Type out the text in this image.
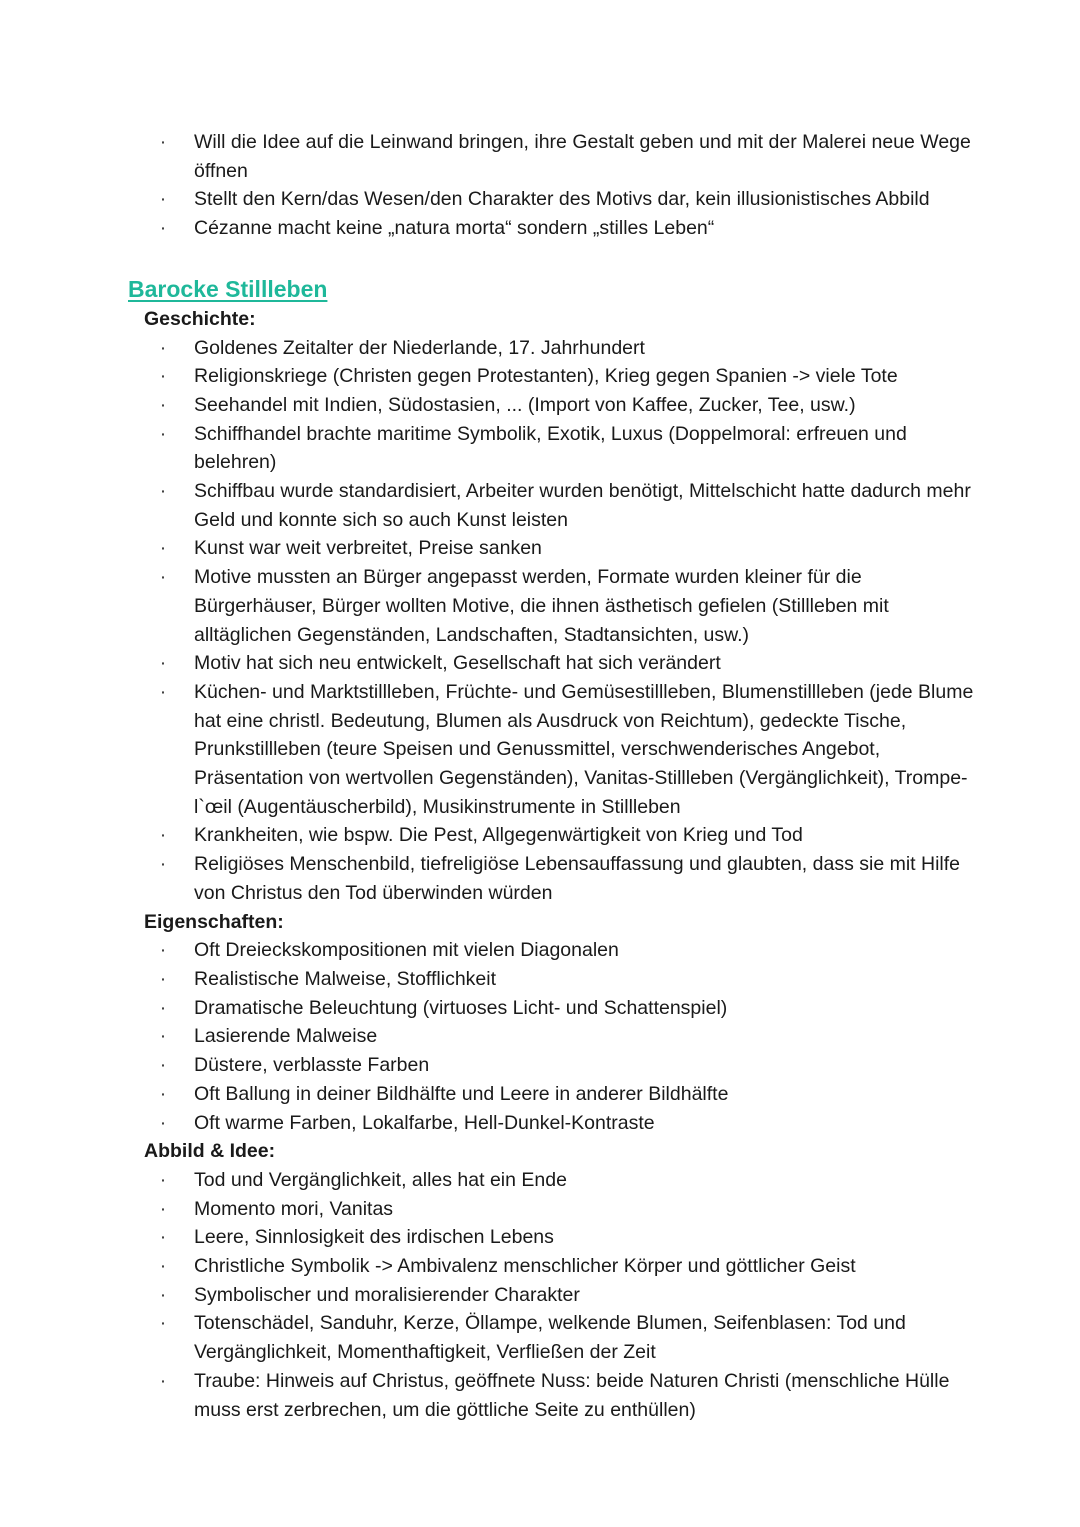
· Will die Idee auf die Leinwand bringen, ihre Gestalt geben und mit der Malerei neue Wege öffnen
· Stellt den Kern/das Wesen/den Charakter des Motivs dar, kein illusionistisches Abbild
· Cézanne macht keine „natura morta“ sondern „stilles Leben“
Barocke Stillleben
Geschichte:
· Goldenes Zeitalter der Niederlande, 17. Jahrhundert
· Religionskriege (Christen gegen Protestanten), Krieg gegen Spanien -> viele Tote
· Seehandel mit Indien, Südostasien, ... (Import von Kaffee, Zucker, Tee, usw.)
· Schiffhandel brachte maritime Symbolik, Exotik, Luxus (Doppelmoral: erfreuen und belehren)
· Schiffbau wurde standardisiert, Arbeiter wurden benötigt, Mittelschicht hatte dadurch mehr Geld und konnte sich so auch Kunst leisten
· Kunst war weit verbreitet, Preise sanken
· Motive mussten an Bürger angepasst werden, Formate wurden kleiner für die Bürgerhäuser, Bürger wollten Motive, die ihnen ästhetisch gefielen (Stillleben mit alltäglichen Gegenständen, Landschaften, Stadtansichten, usw.)
· Motiv hat sich neu entwickelt, Gesellschaft hat sich verändert
· Küchen- und Marktstillleben, Früchte- und Gemüsestillleben, Blumenstillleben (jede Blume hat eine christl. Bedeutung, Blumen als Ausdruck von Reichtum), gedeckte Tische, Prunkstillleben (teure Speisen und Genussmittel, verschwenderisches Angebot, Präsentation von wertvollen Gegenständen), Vanitas-Stillleben (Vergänglichkeit), Trompe-l`œil (Augentäuscherbild), Musikinstrumente in Stillleben
· Krankheiten, wie bspw. Die Pest, Allgegenwärtigkeit von Krieg und Tod
· Religiöses Menschenbild, tiefreligiöse Lebensauffassung und glaubten, dass sie mit Hilfe von Christus den Tod überwinden würden
Eigenschaften:
· Oft Dreieckskompositionen mit vielen Diagonalen
· Realistische Malweise, Stofflichkeit
· Dramatische Beleuchtung (virtuoses Licht- und Schattenspiel)
· Lasierende Malweise
· Düstere, verblasste Farben
· Oft Ballung in deiner Bildhälfte und Leere in anderer Bildhälfte
· Oft warme Farben, Lokalfarbe, Hell-Dunkel-Kontraste
Abbild & Idee:
· Tod und Vergänglichkeit, alles hat ein Ende
· Momento mori, Vanitas
· Leere, Sinnlosigkeit des irdischen Lebens
· Christliche Symbolik -> Ambivalenz menschlicher Körper und göttlicher Geist
· Symbolischer und moralisierender Charakter
· Totenschädel, Sanduhr, Kerze, Öllampe, welkende Blumen, Seifenblasen: Tod und Vergänglichkeit, Momenthaftigkeit, Verfließen der Zeit
· Traube: Hinweis auf Christus, geöffnete Nuss: beide Naturen Christi (menschliche Hülle muss erst zerbrechen, um die göttliche Seite zu enthüllen)
